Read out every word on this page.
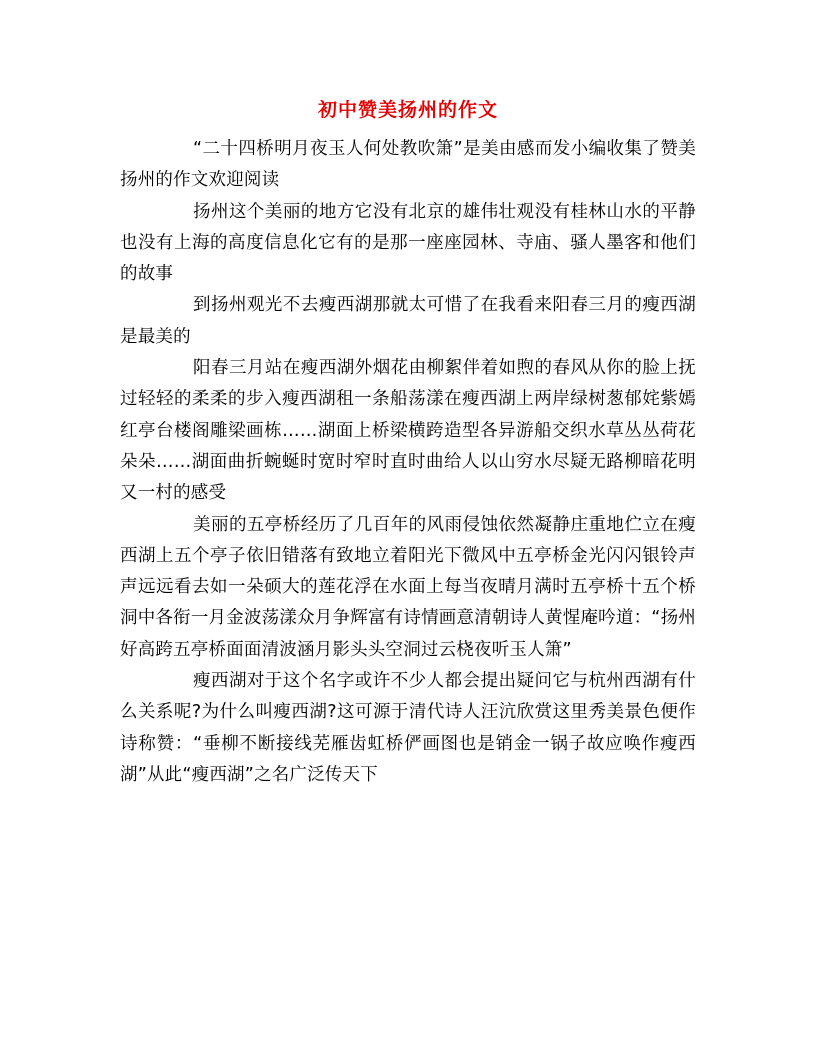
初中赞美扬州的作文

“二十四桥明月夜玉人何处教吹箫”是美由感而发小编收集了赞美扬州的作文欢迎阅读

扬州这个美丽的地方它没有北京的雄伟壮观没有桂林山水的平静也没有上海的高度信息化它有的是那一座座园林、寺庙、骚人墨客和他们的故事

到扬州观光不去瘦西湖那就太可惜了在我看来阳春三月的瘦西湖是最美的

阳春三月站在瘦西湖外烟花由柳絮伴着如煦的春风从你的脸上抚过轻轻的柔柔的步入瘦西湖租一条船荡漾在瘦西湖上两岸绿树葱郁姹紫嫣红亭台楼阁雕梁画栋……湖面上桥梁横跨造型各异游船交织水草丛丛荷花朵朵……湖面曲折蜿蜒时宽时窄时直时曲给人以山穷水尽疑无路柳暗花明又一村的感受

美丽的五亭桥经历了几百年的风雨侵蚀依然凝静庄重地伫立在瘦西湖上五个亭子依旧错落有致地立着阳光下微风中五亭桥金光闪闪银铃声声远远看去如一朵硕大的莲花浮在水面上每当夜晴月满时五亭桥十五个桥洞中各衔一月金波荡漾众月争辉富有诗情画意清朝诗人黄惺庵吟道：“扬州好高跨五亭桥面面清波涵月影头头空洞过云桡夜听玉人箫”

瘦西湖对于这个名字或许不少人都会提出疑问它与杭州西湖有什么关系呢?为什么叫瘦西湖?这可源于清代诗人汪沆欣赏这里秀美景色便作诗称赞：“垂柳不断接线芜雁齿虹桥俨画图也是销金一锅子故应唤作瘦西湖”从此“瘦西湖”之名广泛传天下
